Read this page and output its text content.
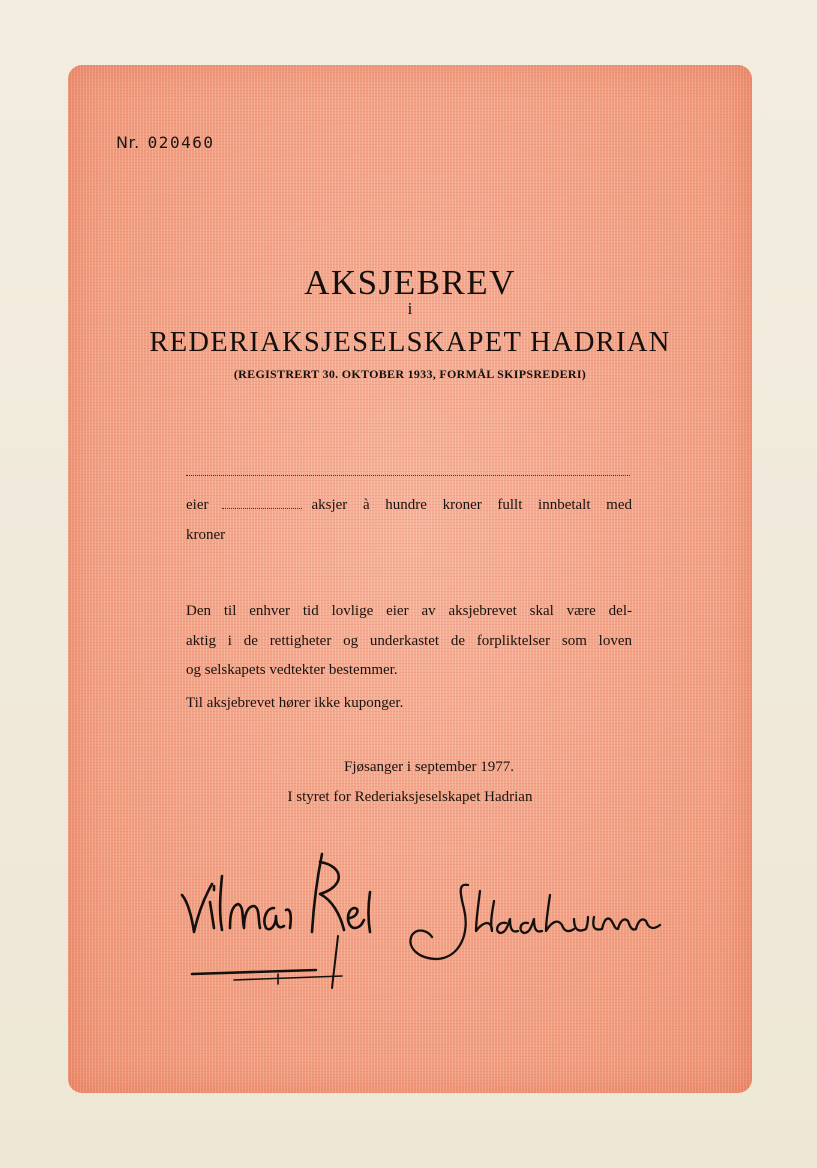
Nr. 020460
AKSJEBREV
i
REDERIAKSJESELSKAPET HADRIAN
(REGISTRERT 30. OKTOBER 1933, FORMÅL SKIPSREDERI)
eier	aksjer à hundre kroner fullt innbetalt med
kroner
Den til enhver tid lovlige eier av aksjebrevet skal være del-
aktig i de rettigheter og underkastet de forpliktelser som loven
og selskapets vedtekter bestemmer.
Til aksjebrevet hører ikke kuponger.
Fjøsanger i september 1977.
I styret for Rederiaksjeselskapet Hadrian
